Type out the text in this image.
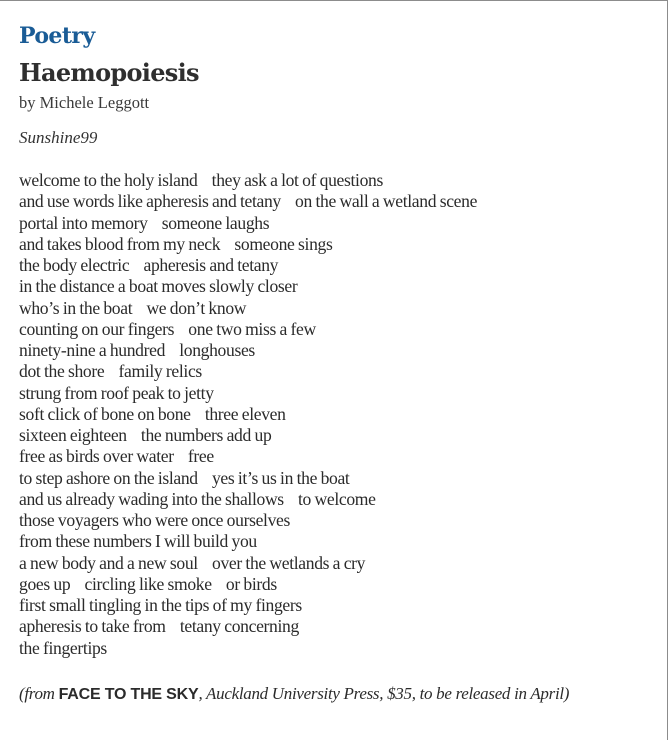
Poetry
Haemopoiesis

by Michele Leggott

Sunshine99

welcome to the holy island    they ask a lot of questions
and use words like apheresis and tetany    on the wall a wetland scene
portal into memory    someone laughs
and takes blood from my neck    someone sings
the body electric    apheresis and tetany
in the distance a boat moves slowly closer
who’s in the boat    we don’t know
counting on our fingers    one two miss a few
ninety-nine a hundred    longhouses
dot the shore    family relics
strung from roof peak to jetty
soft click of bone on bone    three eleven
sixteen eighteen    the numbers add up
free as birds over water    free
to step ashore on the island    yes it’s us in the boat
and us already wading into the shallows    to welcome
those voyagers who were once ourselves
from these numbers I will build you
a new body and a new soul    over the wetlands a cry
goes up    circling like smoke    or birds
first small tingling in the tips of my fingers
apheresis to take from    tetany concerning
the fingertips

(from FACE TO THE SKY, Auckland University Press, $35, to be released in April)
